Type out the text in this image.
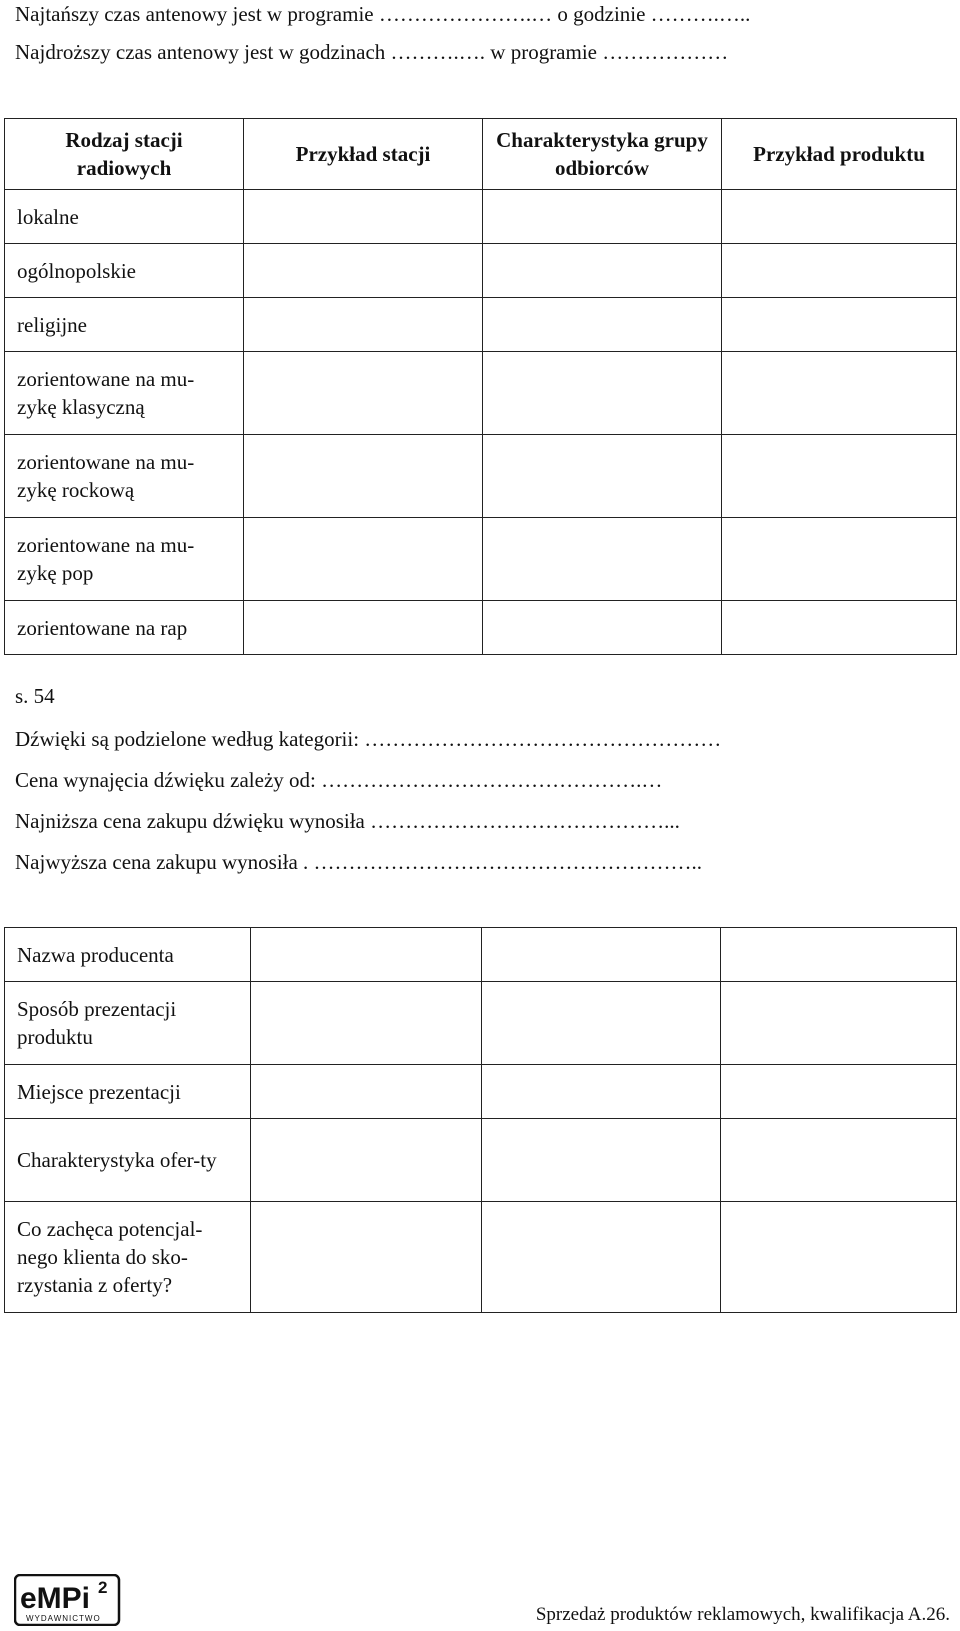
Najtańszy czas antenowy jest w programie ………………….… o godzinie ……….…..
Najdroższy czas antenowy jest w godzinach ……….…. w programie ………………
Rodzaj stacji radiowych	Przykład stacji	Charakterystyka grupy odbiorców	Przykład produktu
lokalne			
ogólnopolskie			
religijne			
zorientowane na mu-zykę klasyczną			
zorientowane na mu-zykę rockową			
zorientowane na mu-zykę pop			
zorientowane na rap			
s. 54
Dźwięki są podzielone według kategorii: ……………………………………………
Cena wynajęcia dźwięku zależy od: ……………………………………….…
Najniższa cena zakupu dźwięku wynosiła ……………………………………...
Najwyższa cena zakupu wynosiła . ………………………………………………..
Nazwa producenta			
Sposób prezentacji produktu			
Miejsce prezentacji			
Charakterystyka ofer-ty			
Co zachęca potencjal-nego klienta do sko-rzystania z oferty?			
eMPi 2
WYDAWNICTWO	Sprzedaż produktów reklamowych, kwalifikacja A.26.
